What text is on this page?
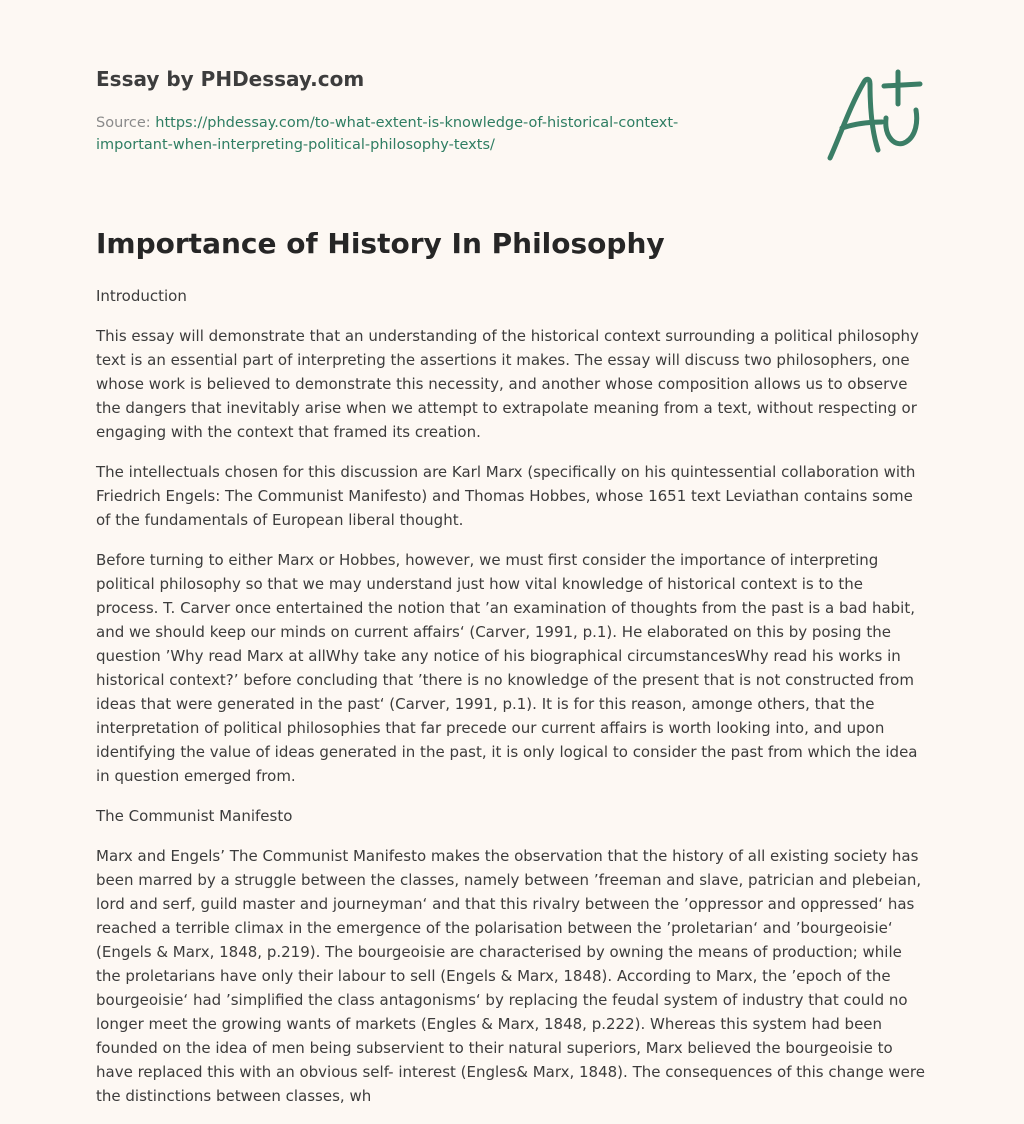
Essay by PHDessay.com
Source: https://phdessay.com/to-what-extent-is-knowledge-of-historical-context-
important-when-interpreting-political-philosophy-texts/
Importance of History In Philosophy

Introduction

This essay will demonstrate that an understanding of the historical context surrounding a political philosophy text is an essential part of interpreting the assertions it makes. The essay will discuss two philosophers, one whose work is believed to demonstrate this necessity, and another whose composition allows us to observe the dangers that inevitably arise when we attempt to extrapolate meaning from a text, without respecting or engaging with the context that framed its creation.

The intellectuals chosen for this discussion are Karl Marx (specifically on his quintessential collaboration with Friedrich Engels: The Communist Manifesto) and Thomas Hobbes, whose 1651 text Leviathan contains some of the fundamentals of European liberal thought.

Before turning to either Marx or Hobbes, however, we must first consider the importance of interpreting political philosophy so that we may understand just how vital knowledge of historical context is to the process. T. Carver once entertained the notion that ’an examination of thoughts from the past is a bad habit, and we should keep our minds on current affairs‘ (Carver, 1991, p.1). He elaborated on this by posing the question ’Why read Marx at allWhy take any notice of his biographical circumstancesWhy read his works in historical context?’ before concluding that ’there is no knowledge of the present that is not constructed from ideas that were generated in the past‘ (Carver, 1991, p.1). It is for this reason, amonge others, that the interpretation of political philosophies that far precede our current affairs is worth looking into, and upon identifying the value of ideas generated in the past, it is only logical to consider the past from which the idea in question emerged from.

The Communist Manifesto

Marx and Engels’ The Communist Manifesto makes the observation that the history of all existing society has been marred by a struggle between the classes, namely between ’freeman and slave, patrician and plebeian, lord and serf, guild master and journeyman‘ and that this rivalry between the ’oppressor and oppressed‘ has reached a terrible climax in the emergence of the polarisation between the ’proletarian‘ and ’bourgeoisie‘ (Engels & Marx, 1848, p.219). The bourgeoisie are characterised by owning the means of production; while the proletarians have only their labour to sell (Engels & Marx, 1848). According to Marx, the ’epoch of the bourgeoisie‘ had ’simplified the class antagonisms‘ by replacing the feudal system of industry that could no longer meet the growing wants of markets (Engles & Marx, 1848, p.222). Whereas this system had been founded on the idea of men being subservient to their natural superiors, Marx believed the bourgeoisie to have replaced this with an obvious self- interest (Engles& Marx, 1848). The consequences of this change were the distinctions between classes, wh
